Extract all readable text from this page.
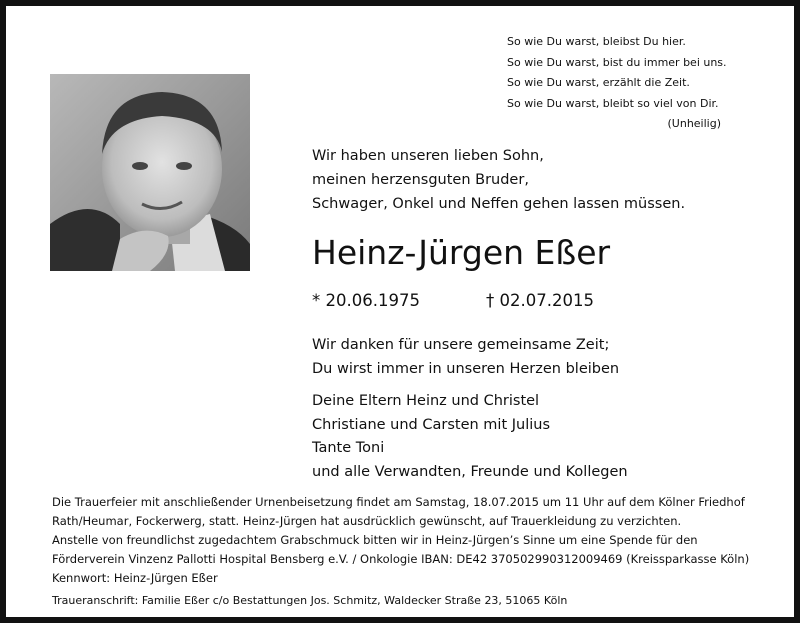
So wie Du warst, bleibst Du hier.
So wie Du warst, bist du immer bei uns.
So wie Du warst, erzählt die Zeit.
So wie Du warst, bleibt so viel von Dir.
(Unheilig)
Wir haben unseren lieben Sohn,
meinen herzensguten Bruder,
Schwager, Onkel und Neffen gehen lassen müssen.
Heinz-Jürgen Eßer
* 20.06.1975	† 02.07.2015
Wir danken für unsere gemeinsame Zeit;
Du wirst immer in unseren Herzen bleiben
Deine Eltern Heinz und Christel
Christiane und Carsten mit Julius
Tante Toni
und alle Verwandten, Freunde und Kollegen
Die Trauerfeier mit anschließender Urnenbeisetzung findet am Samstag, 18.07.2015 um 11 Uhr auf dem Kölner Friedhof
Rath/Heumar, Fockerwerg, statt. Heinz-Jürgen hat ausdrücklich gewünscht, auf Trauerkleidung zu verzichten.
Anstelle von freundlichst zugedachtem Grabschmuck bitten wir in Heinz-Jürgen’s Sinne um eine Spende für den
Förderverein Vinzenz Pallotti Hospital Bensberg e.V. / Onkologie IBAN: DE42 370502990312009469 (Kreissparkasse Köln)
Kennwort: Heinz-Jürgen Eßer
Traueranschrift: Familie Eßer c/o Bestattungen Jos. Schmitz, Waldecker Straße 23, 51065 Köln
